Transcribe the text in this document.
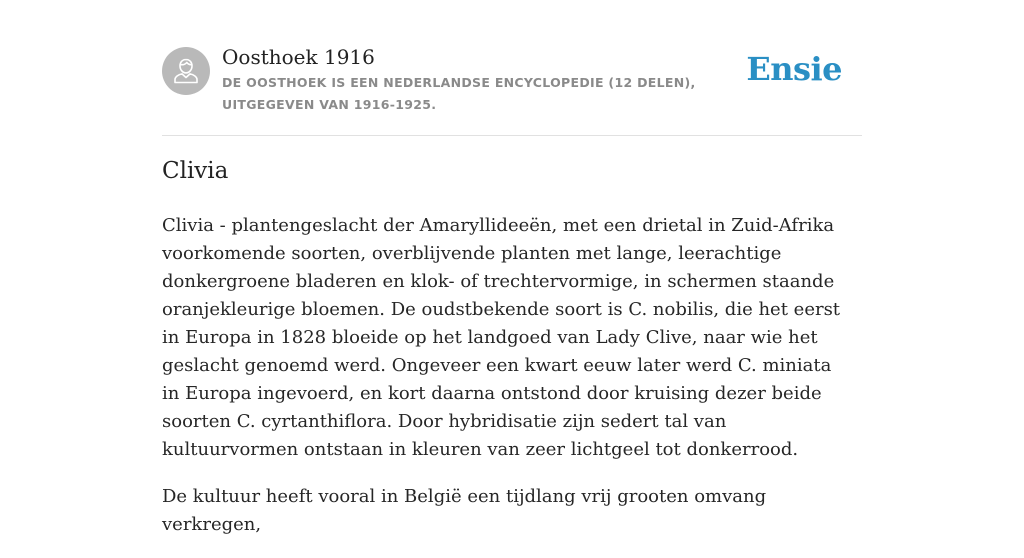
Oosthoek 1916
DE OOSTHOEK IS EEN NEDERLANDSE ENCYCLOPEDIE (12 DELEN), UITGEGEVEN VAN 1916-1925.
Ensie
Clivia

Clivia - plantengeslacht der Amaryllideeën, met een drietal in Zuid-Afrika voorkomende soorten, overblijvende planten met lange, leerachtige donkergroene bladeren en klok- of trechtervormige, in schermen staande oranjekleurige bloemen. De oudstbekende soort is C. nobilis, die het eerst in Europa in 1828 bloeide op het landgoed van Lady Clive, naar wie het geslacht genoemd werd. Ongeveer een kwart eeuw later werd C. miniata in Europa ingevoerd, en kort daarna ontstond door kruising dezer beide soorten C. cyrtanthiflora. Door hybridisatie zijn sedert tal van kultuurvormen ontstaan in kleuren van zeer lichtgeel tot donkerrood.

De kultuur heeft vooral in België een tijdlang vrij grooten omvang verkregen,
